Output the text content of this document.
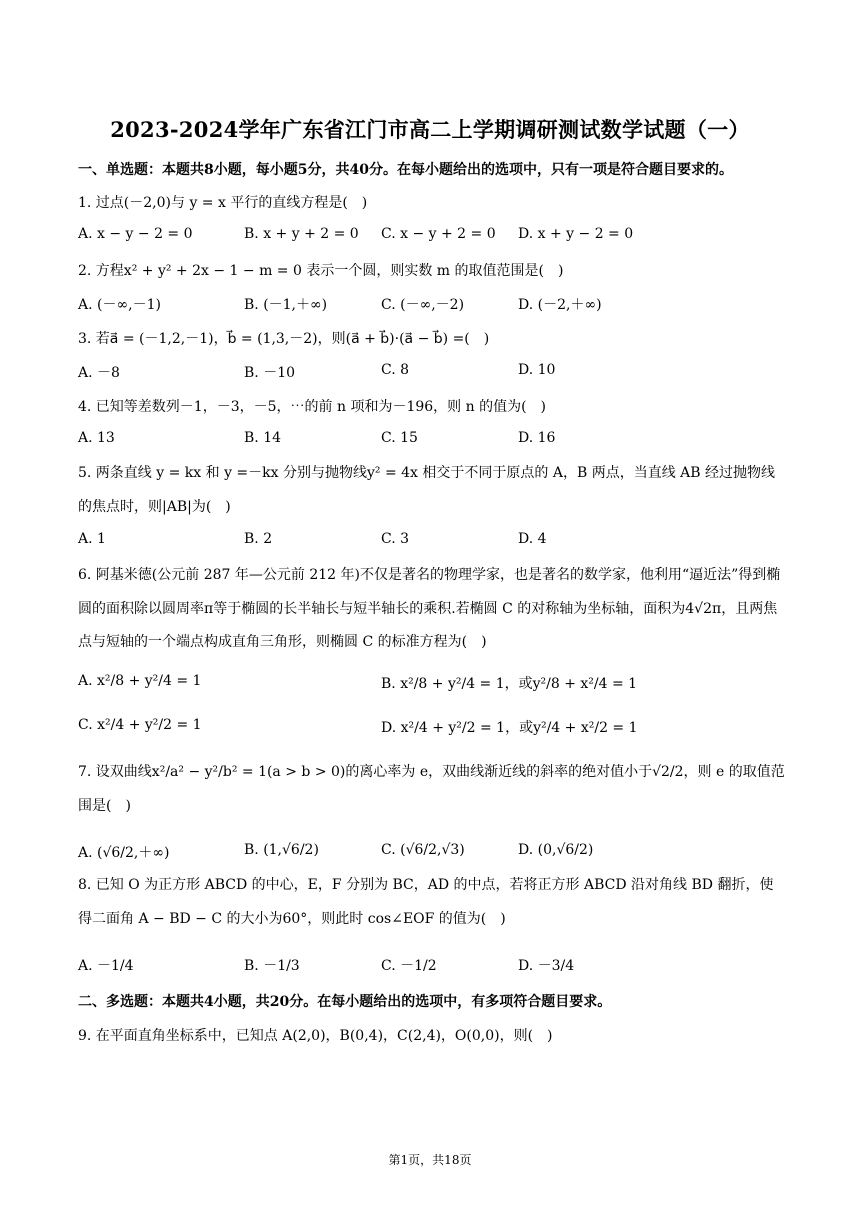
2023-2024学年广东省江门市高二上学期调研测试数学试题（一）
一、单选题：本题共8小题，每小题5分，共40分。在每小题给出的选项中，只有一项是符合题目要求的。
1. 过点(－2,0)与 y = x 平行的直线方程是(　)
A. x − y − 2 = 0	B. x + y + 2 = 0 C. x − y + 2 = 0 D. x + y − 2 = 0
2. 方程x² + y² + 2x − 1 − m = 0 表示一个圆，则实数 m 的取值范围是(　)
A. (－∞,－1)	B. (－1,＋∞)	C. (－∞,－2)	D. (－2,＋∞)
3. 若a⃗ = (－1,2,－1)，b⃗ = (1,3,－2)，则(a⃗ + b⃗)·(a⃗ − b⃗) =(　)
A. －8	B. －10	C. 8	D. 10
4. 已知等差数列－1，－3，－5，⋯的前 n 项和为－196，则 n 的值为(　)
A. 13	B. 14	C. 15	D. 16
5. 两条直线 y = kx 和 y =－kx 分别与抛物线y² = 4x 相交于不同于原点的 A，B 两点，当直线 AB 经过抛物线的焦点时，则|AB|为(　)
A. 1	B. 2	C. 3	D. 4
6. 阿基米德(公元前 287 年—公元前 212 年)不仅是著名的物理学家，也是著名的数学家，他利用“逼近法”得到椭圆的面积除以圆周率π等于椭圆的长半轴长与短半轴长的乘积.若椭圆 C 的对称轴为坐标轴，面积为4√2π，且两焦点与短轴的一个端点构成直角三角形，则椭圆 C 的标准方程为(　)
A. x²/8 + y²/4 = 1	B. x²/8 + y²/4 = 1，或y²/8 + x²/4 = 1
C. x²/4 + y²/2 = 1	D. x²/4 + y²/2 = 1，或y²/4 + x²/2 = 1
7. 设双曲线x²/a² − y²/b² = 1(a > b > 0)的离心率为 e，双曲线渐近线的斜率的绝对值小于√2/2，则 e 的取值范围是(　)
A. (√6/2,＋∞)	B. (1,√6/2)	C. (√6/2,√3)	D. (0,√6/2)
8. 已知 O 为正方形 ABCD 的中心，E，F 分别为 BC，AD 的中点，若将正方形 ABCD 沿对角线 BD 翻折，使得二面角 A − BD − C 的大小为60°，则此时 cos∠EOF 的值为(　)
A. －1/4	B. －1/3	C. －1/2	D. －3/4
二、多选题：本题共4小题，共20分。在每小题给出的选项中，有多项符合题目要求。
9. 在平面直角坐标系中，已知点 A(2,0)，B(0,4)，C(2,4)，O(0,0)，则(　)
第1页，共18页
